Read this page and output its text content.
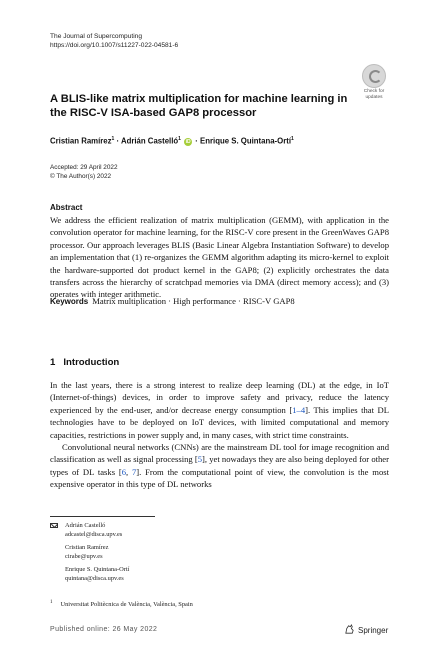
The Journal of Supercomputing
https://doi.org/10.1007/s11227-022-04581-6
Check for
updates
A BLIS-like matrix multiplication for machine learning in the RISC-V ISA-based GAP8 processor
Cristian Ramírez$^1$ · Adrián Castelló$^1$ iD · Enrique S. Quintana-Ortí$^1$
Accepted: 29 April 2022
© The Author(s) 2022
Abstract
We address the efficient realization of matrix multiplication (GEMM), with application in the convolution operator for machine learning, for the RISC-V core present in the GreenWaves GAP8 processor. Our approach leverages BLIS (Basic Linear Algebra Instantiation Software) to develop an implementation that (1) re-organizes the GEMM algorithm adapting its micro-kernel to exploit the hardware-supported dot product kernel in the GAP8; (2) explicitly orchestrates the data transfers across the hierarchy of scratchpad memories via DMA (direct memory access); and (3) operates with integer arithmetic.
Keywords Matrix multiplication · High performance · RISC-V GAP8
1 Introduction

In the last years, there is a strong interest to realize deep learning (DL) at the edge, in IoT (Internet-of-things) devices, in order to improve safety and privacy, reduce the latency experienced by the end-user, and/or decrease energy consumption [1–4]. This implies that DL technologies have to be deployed on IoT devices, with limited computational and memory capacities, restrictions in power supply and, in many cases, with strict time constraints.

Convolutional neural networks (CNNs) are the mainstream DL tool for image recognition and classification as well as signal processing [5], yet nowadays they are also being deployed for other types of DL tasks [6, 7]. From the computational point of view, the convolution is the most expensive operator in this type of DL networks

Adrián Castelló
adcastel@disca.upv.es
Cristian Ramírez
cirabe@upv.es
Enrique S. Quintana-Ortí
quintana@disca.upv.es
$^1$ Universitat Politècnica de València, València, Spain
Published online: 26 May 2022	Springer
